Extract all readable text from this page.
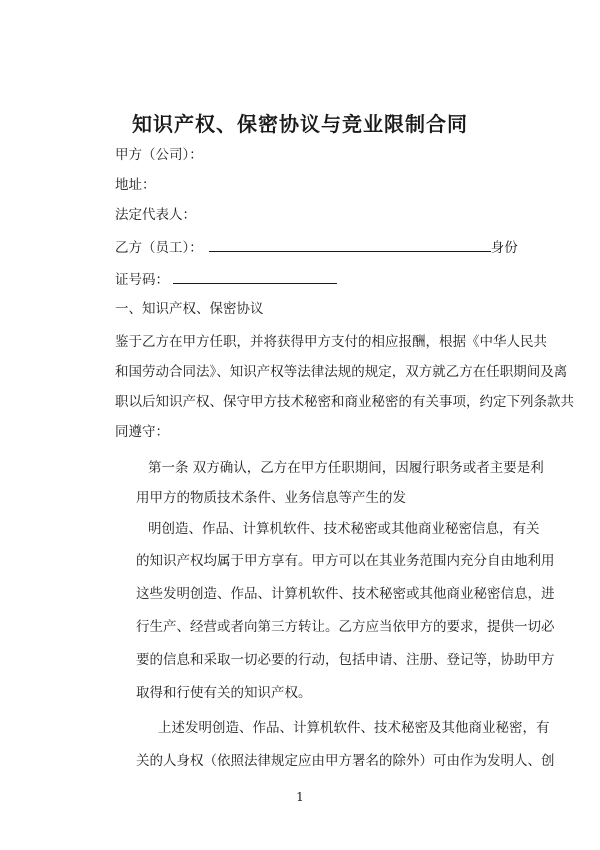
知识产权、保密协议与竞业限制合同
甲方（公司）：
地址：
法定代表人：
乙方（员工）：	身份
证号码：
一、知识产权、保密协议
鉴于乙方在甲方任职，并将获得甲方支付的相应报酬，根据《中华人民共
和国劳动合同法》、知识产权等法律法规的规定，双方就乙方在任职期间及离
职以后知识产权、保守甲方技术秘密和商业秘密的有关事项，约定下列条款共
同遵守：
第一条 双方确认，乙方在甲方任职期间，因履行职务或者主要是利
用甲方的物质技术条件、业务信息等产生的发
明创造、作品、计算机软件、技术秘密或其他商业秘密信息，有关
的知识产权均属于甲方享有。甲方可以在其业务范围内充分自由地利用
这些发明创造、作品、计算机软件、技术秘密或其他商业秘密信息，进
行生产、经营或者向第三方转让。乙方应当依甲方的要求，提供一切必
要的信息和采取一切必要的行动，包括申请、注册、登记等，协助甲方
取得和行使有关的知识产权。
上述发明创造、作品、计算机软件、技术秘密及其他商业秘密，有
关的人身权（依照法律规定应由甲方署名的除外）可由作为发明人、创
1
